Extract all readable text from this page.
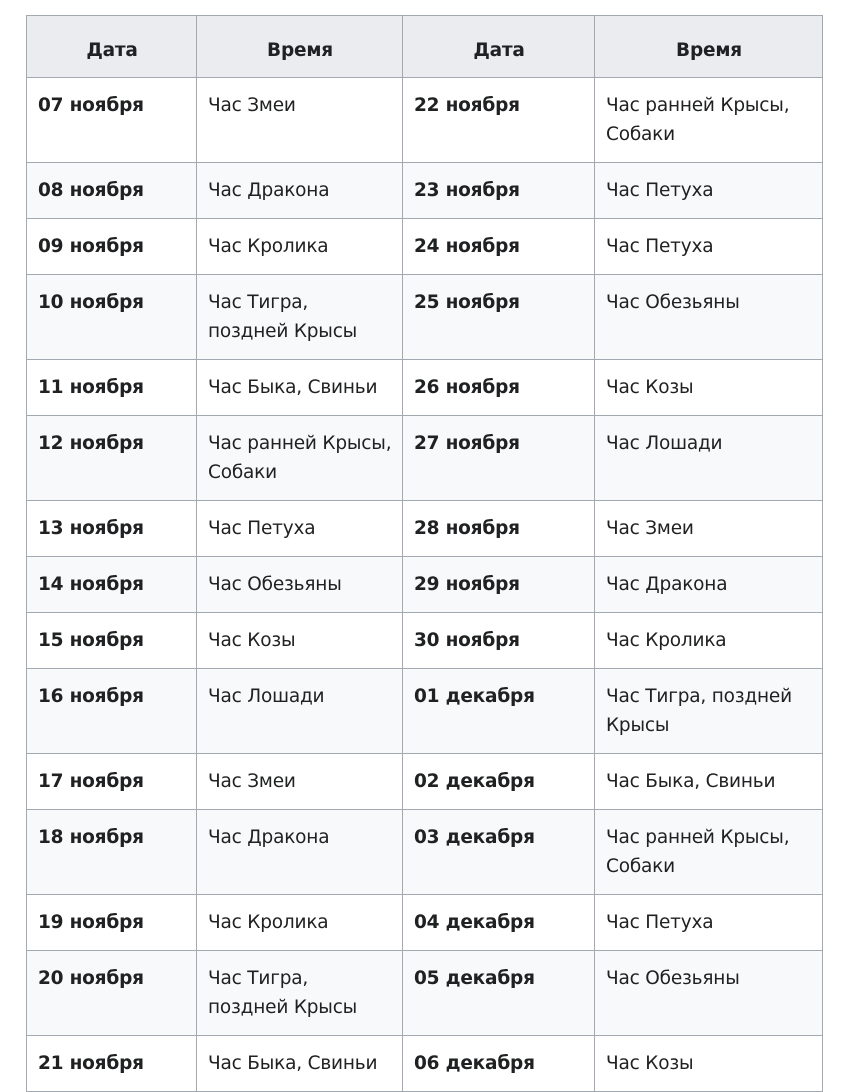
Дата	Время	Дата	Время
07 ноября	Час Змеи	22 ноября	Час ранней Крысы, Собаки
08 ноября	Час Дракона	23 ноября	Час Петуха
09 ноября	Час Кролика	24 ноября	Час Петуха
10 ноября	Час Тигра, поздней Крысы	25 ноября	Час Обезьяны
11 ноября	Час Быка, Свиньи	26 ноября	Час Козы
12 ноября	Час ранней Крысы, Собаки	27 ноября	Час Лошади
13 ноября	Час Петуха	28 ноября	Час Змеи
14 ноября	Час Обезьяны	29 ноября	Час Дракона
15 ноября	Час Козы	30 ноября	Час Кролика
16 ноября	Час Лошади	01 декабря	Час Тигра, поздней Крысы
17 ноября	Час Змеи	02 декабря	Час Быка, Свиньи
18 ноября	Час Дракона	03 декабря	Час ранней Крысы, Собаки
19 ноября	Час Кролика	04 декабря	Час Петуха
20 ноября	Час Тигра, поздней Крысы	05 декабря	Час Обезьяны
21 ноября	Час Быка, Свиньи	06 декабря	Час Козы
